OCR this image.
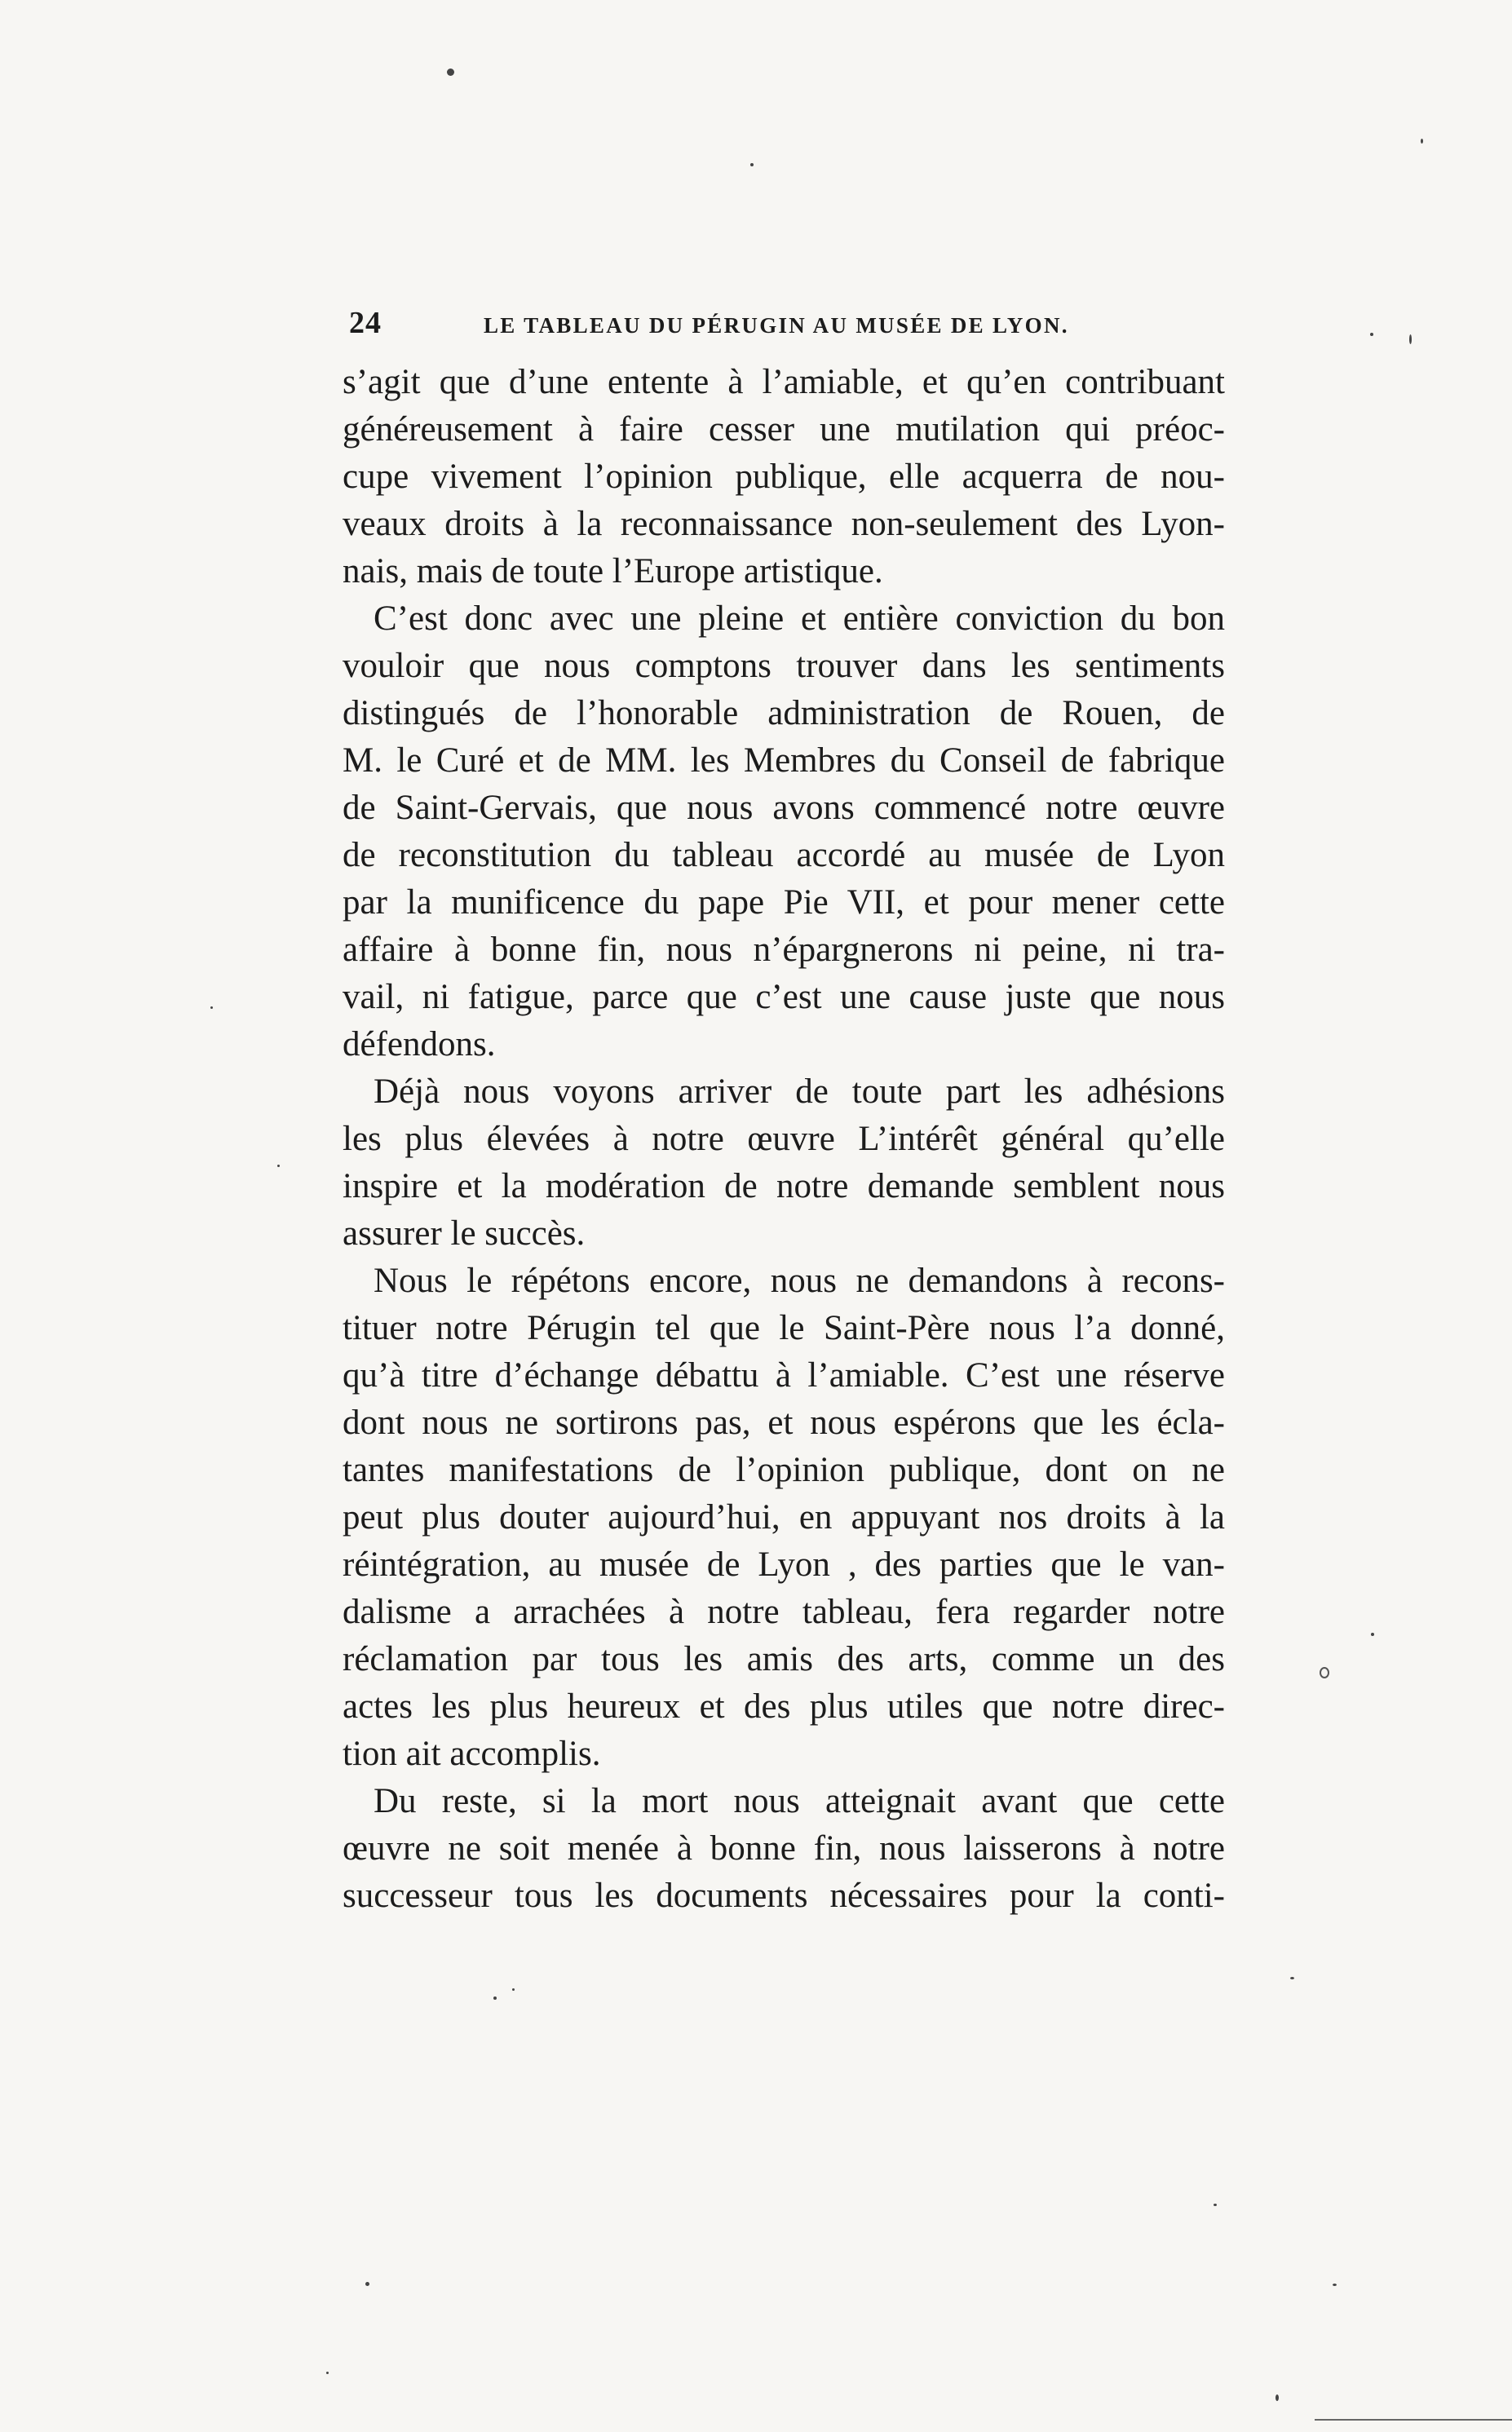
24	LE TABLEAU DU PÉRUGIN AU MUSÉE DE LYON.
s’agit que d’une entente à l’amiable, et qu’en contribuant
généreusement à faire cesser une mutilation qui préoc-
cupe vivement l’opinion publique, elle acquerra de nou-
veaux droits à la reconnaissance non-seulement des Lyon-
nais, mais de toute l’Europe artistique.
C’est donc avec une pleine et entière conviction du bon
vouloir que nous comptons trouver dans les sentiments
distingués de l’honorable administration de Rouen, de
M. le Curé et de MM. les Membres du Conseil de fabrique
de Saint-Gervais, que nous avons commencé notre œuvre
de reconstitution du tableau accordé au musée de Lyon
par la munificence du pape Pie VII, et pour mener cette
affaire à bonne fin, nous n’épargnerons ni peine, ni tra-
vail, ni fatigue, parce que c’est une cause juste que nous
défendons.
Déjà nous voyons arriver de toute part les adhésions
les plus élevées à notre œuvre L’intérêt général qu’elle
inspire et la modération de notre demande semblent nous
assurer le succès.
Nous le répétons encore, nous ne demandons à recons-
tituer notre Pérugin tel que le Saint-Père nous l’a donné,
qu’à titre d’échange débattu à l’amiable. C’est une réserve
dont nous ne sortirons pas, et nous espérons que les écla-
tantes manifestations de l’opinion publique, dont on ne
peut plus douter aujourd’hui, en appuyant nos droits à la
réintégration, au musée de Lyon , des parties que le van-
dalisme a arrachées à notre tableau, fera regarder notre
réclamation par tous les amis des arts, comme un des
actes les plus heureux et des plus utiles que notre direc-
tion ait accomplis.
Du reste, si la mort nous atteignait avant que cette
œuvre ne soit menée à bonne fin, nous laisserons à notre
successeur tous les documents nécessaires pour la conti-
